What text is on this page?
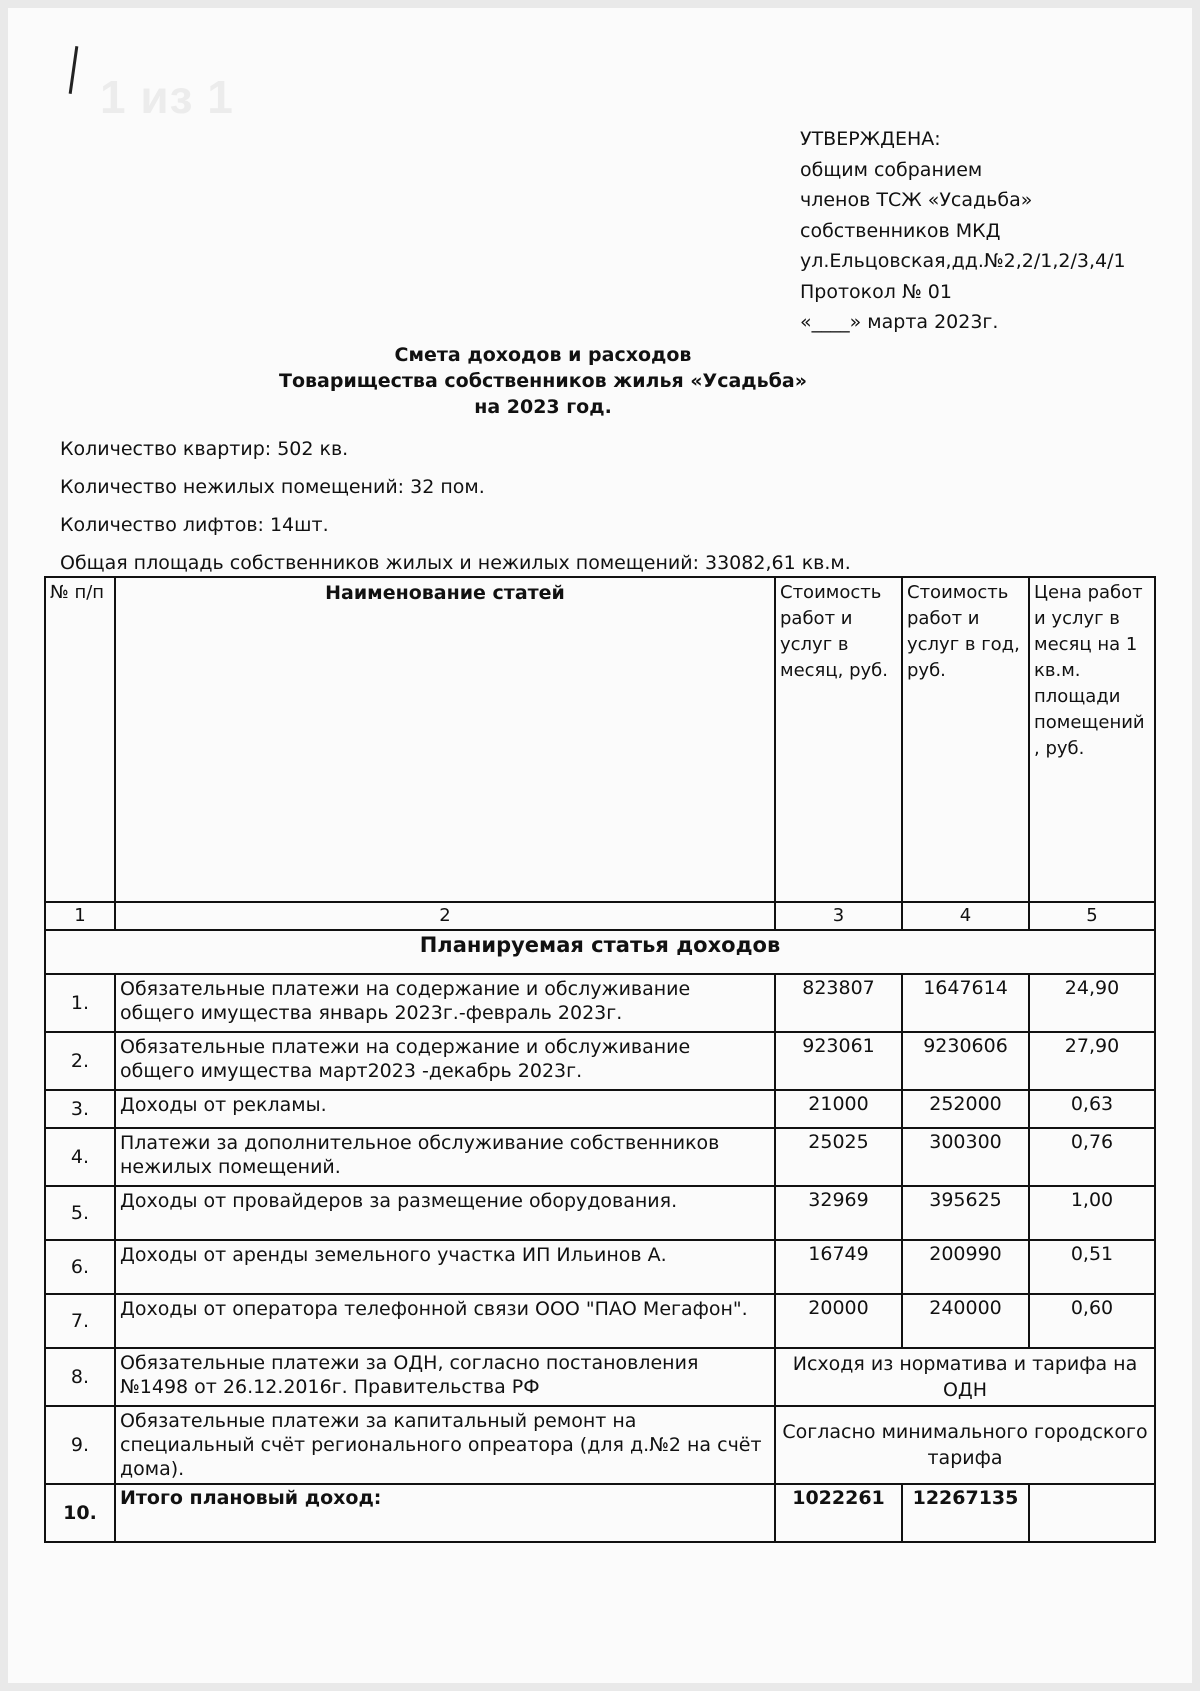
1 из 1
УТВЕРЖДЕНА:
общим собранием
членов ТСЖ «Усадьба»
собственников МКД
ул.Ельцовская,дд.№2,2/1,2/3,4/1
Протокол № 01
«____» марта 2023г.
Смета доходов и расходов
Товарищества собственников жилья «Усадьба»
на 2023 год.
Количество квартир: 502 кв.
Количество нежилых помещений: 32 пом.
Количество лифтов: 14шт.
Общая площадь собственников жилых и нежилых помещений: 33082,61 кв.м.
№ п/п	Наименование статей	Стоимость работ и услуг в месяц, руб.	Стоимость работ и услуг в год, руб.	Цена работ и услуг в месяц на 1 кв.м. площади помещений , руб.
1	2	3	4	5
Планируемая статья доходов				
1.	Обязательные платежи на содержание и обслуживание общего имущества январь 2023г.-февраль 2023г.	823807	1647614	24,90
2.	Обязательные платежи на содержание и обслуживание общего имущества март2023 -декабрь 2023г.	923061	9230606	27,90
3.	Доходы от рекламы.	21000	252000	0,63
4.	Платежи за дополнительное обслуживание собственников нежилых помещений.	25025	300300	0,76
5.	Доходы от провайдеров за размещение оборудования.	32969	395625	1,00
6.	Доходы от аренды земельного участка ИП Ильинов А.	16749	200990	0,51
7.	Доходы от оператора телефонной связи ООО "ПАО Мегафон".	20000	240000	0,60
8.	Обязательные платежи за ОДН, согласно постановления №1498 от 26.12.2016г. Правительства РФ	Исходя из норматива и тарифа на ОДН		
9.	Обязательные платежи за капитальный ремонт на специальный счёт регионального опреатора (для д.№2 на счёт дома).	Согласно минимального городского тарифа		
10.	Итого плановый доход:	1022261	12267135	
